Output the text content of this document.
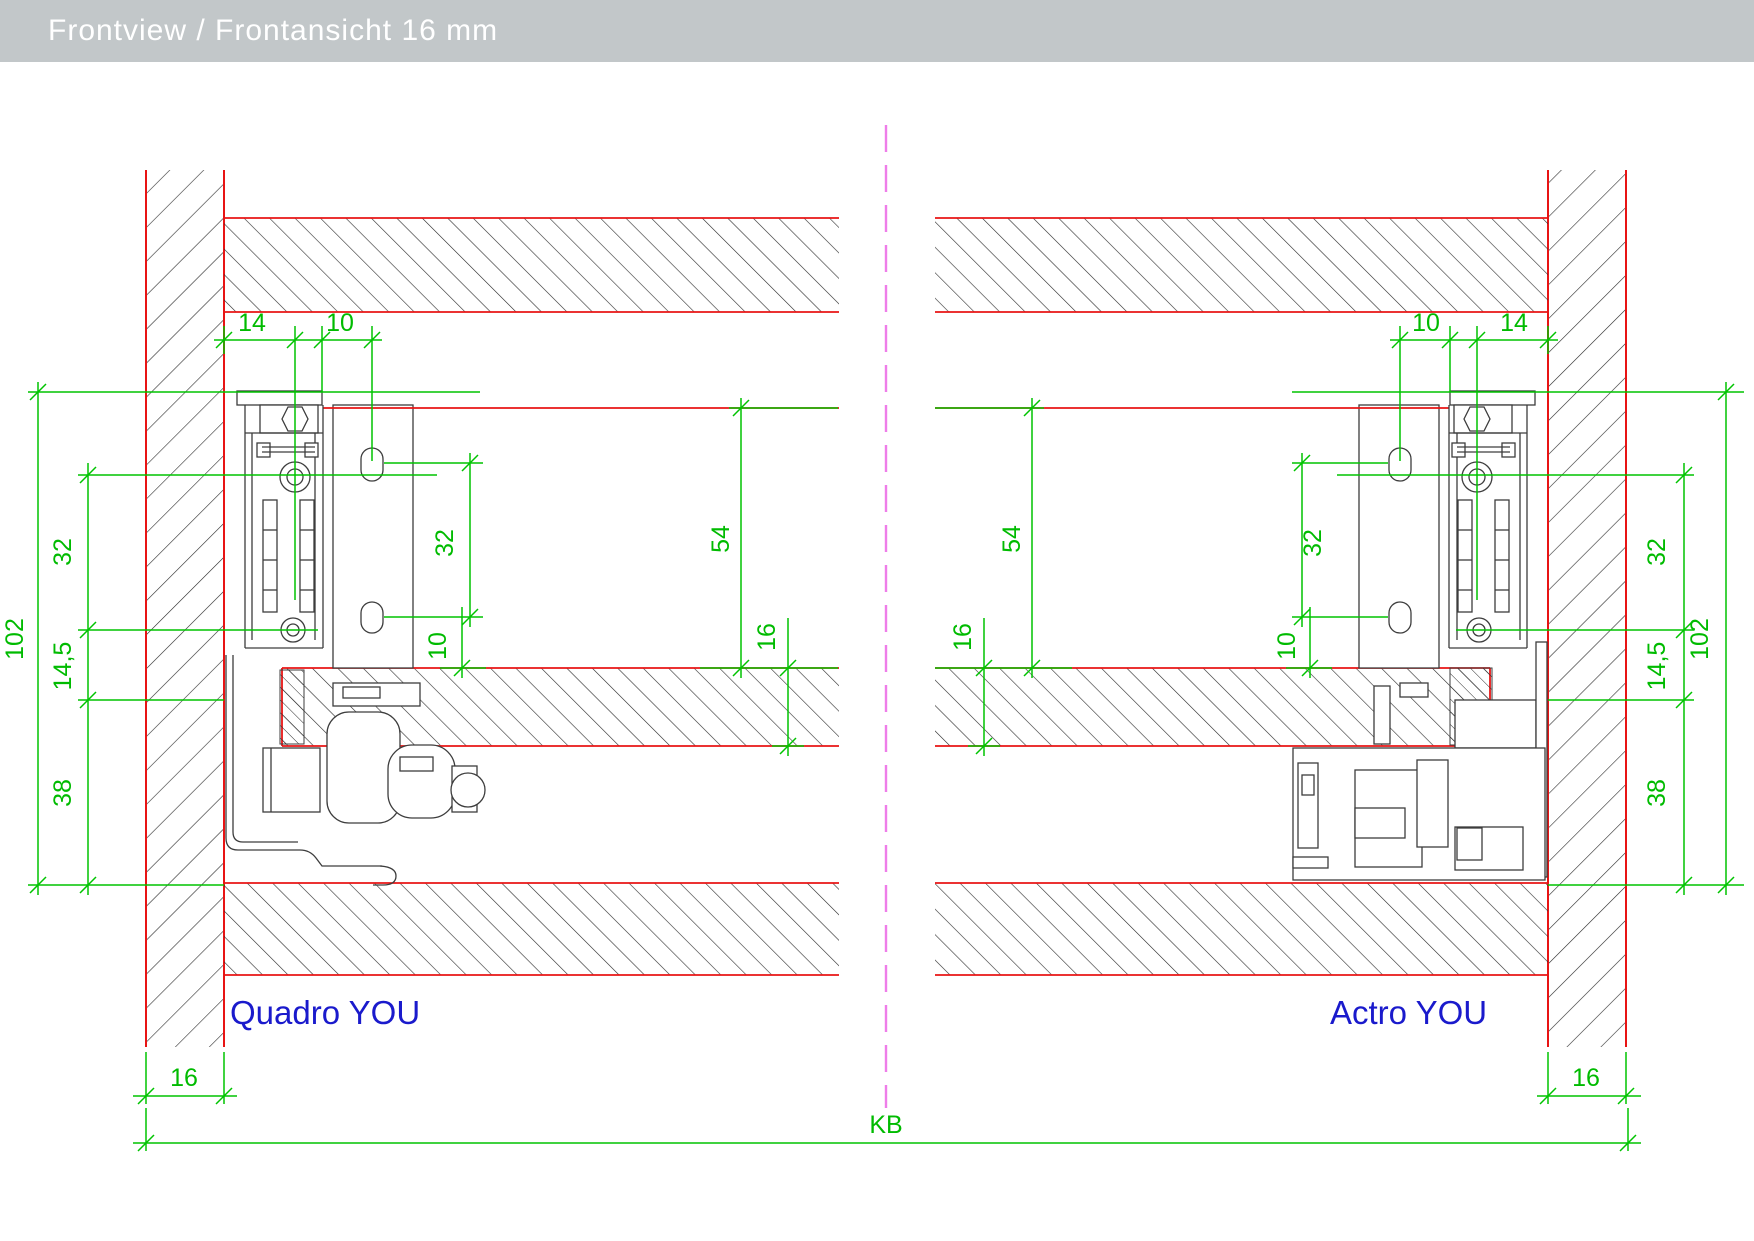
Frontview / Frontansicht 16 mm
14 10
32
14,5
38
102
32
10
54
16
16
10 14
32
14,5
38
102
32
10
54
16
16
KB
Quadro YOU	Actro YOU
